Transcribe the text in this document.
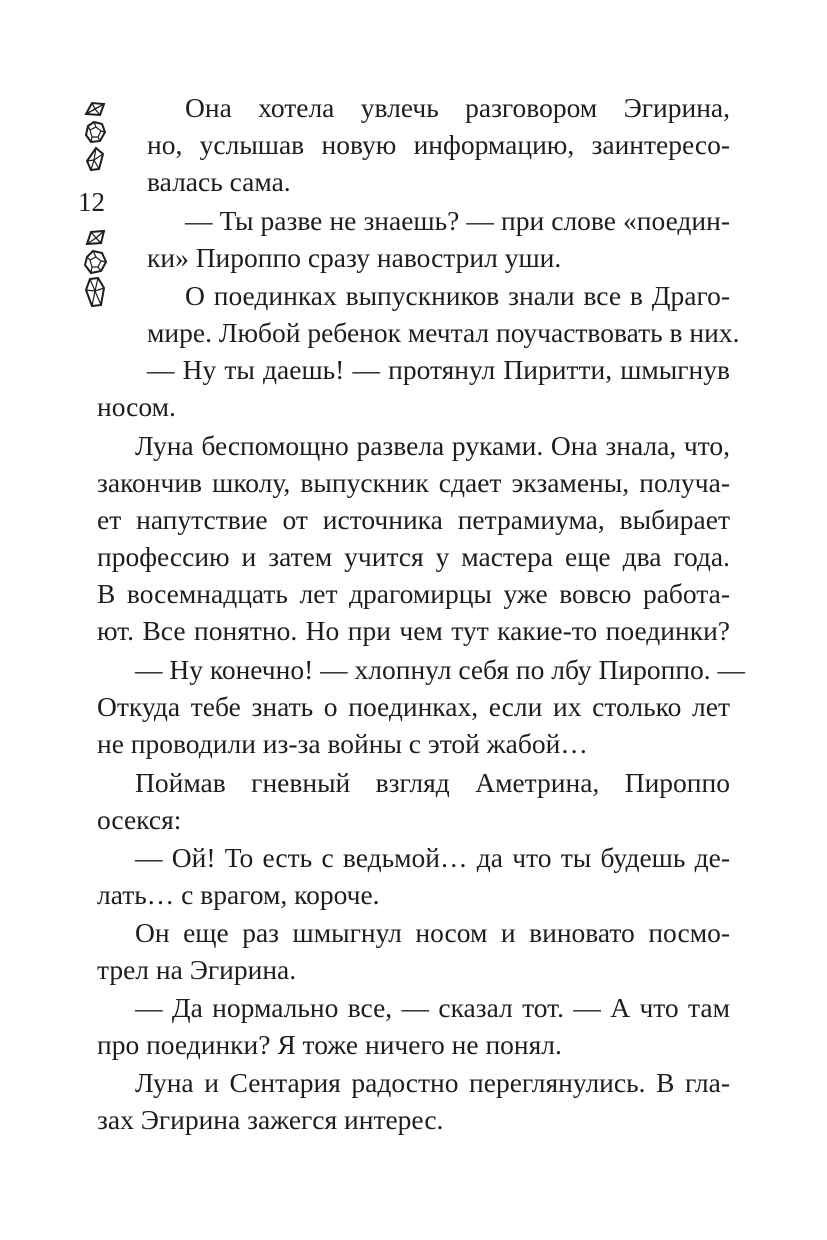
12
Она хотела увлечь разговором Эгирина,
но, услышав новую информацию, заинтересо-
валась сама.
— Ты разве не знаешь? — при слове «поедин-
ки» Пироппо сразу навострил уши.
О поединках выпускников знали все в Драго-
мире. Любой ребенок мечтал поучаствовать в них.
— Ну ты даешь! — протянул Пиритти, шмыгнув
носом.
Луна беспомощно развела руками. Она знала, что,
закончив школу, выпускник сдает экзамены, получа-
ет напутствие от источника петрамиума, выбирает
профессию и затем учится у мастера еще два года.
В восемнадцать лет драгомирцы уже вовсю работа-
ют. Все понятно. Но при чем тут какие-то поединки?
— Ну конечно! — хлопнул себя по лбу Пироппо. —
Откуда тебе знать о поединках, если их столько лет
не проводили из-за войны с этой жабой…
Поймав гневный взгляд Аметрина, Пироппо
осекся:
— Ой! То есть с ведьмой… да что ты будешь де-
лать… с врагом, короче.
Он еще раз шмыгнул носом и виновато посмо-
трел на Эгирина.
— Да нормально все, — сказал тот. — А что там
про поединки? Я тоже ничего не понял.
Луна и Сентария радостно переглянулись. В гла-
зах Эгирина зажегся интерес.
